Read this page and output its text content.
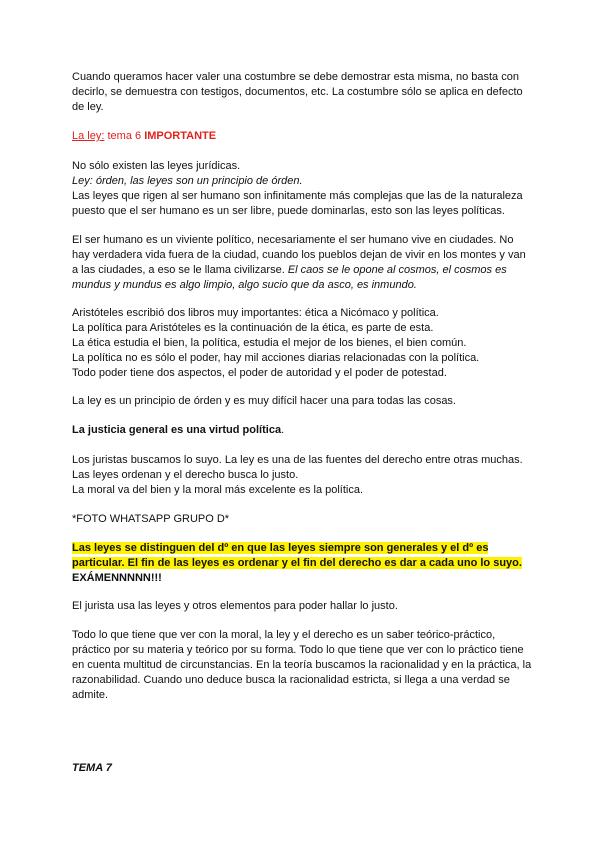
Cuando queramos hacer valer una costumbre se debe demostrar esta misma, no basta con decirlo, se demuestra con testigos, documentos, etc. La costumbre sólo se aplica en defecto de ley.

La ley: tema 6 IMPORTANTE

No sólo existen las leyes jurídicas.
Ley: órden, las leyes son un principio de órden.
Las leyes que rigen al ser humano son infinitamente más complejas que las de la naturaleza puesto que el ser humano es un ser libre, puede dominarlas, esto son las leyes políticas.

El ser humano es un viviente político, necesariamente el ser humano vive en ciudades. No hay verdadera vida fuera de la ciudad, cuando los pueblos dejan de vivir en los montes y van a las ciudades, a eso se le llama civilizarse. El caos se le opone al cosmos, el cosmos es mundus y mundus es algo limpio, algo sucio que da asco, es inmundo.

Aristóteles escribió dos libros muy importantes: ética a Nicómaco y política.
La política para Aristóteles es la continuación de la ética, es parte de esta.
La ética estudia el bien, la política, estudia el mejor de los bienes, el bien común.
La política no es sólo el poder, hay mil acciones diarias relacionadas con la política.
Todo poder tiene dos aspectos, el poder de autoridad y el poder de potestad.

La ley es un principio de órden y es muy difícil hacer una para todas las cosas.

La justicia general es una virtud política.

Los juristas buscamos lo suyo. La ley es una de las fuentes del derecho entre otras muchas.
Las leyes ordenan y el derecho busca lo justo.
La moral va del bien y la moral más excelente es la política.

*FOTO WHATSAPP GRUPO D*

Las leyes se distinguen del dº en que las leyes siempre son generales y el dº es particular. El fin de las leyes es ordenar y el fin del derecho es dar a cada uno lo suyo. EXÁMENNNNN!!!

El jurista usa las leyes y otros elementos para poder hallar lo justo.

Todo lo que tiene que ver con la moral, la ley y el derecho es un saber teórico-práctico, práctico por su materia y teórico por su forma. Todo lo que tiene que ver con lo práctico tiene en cuenta multitud de circunstancias. En la teoría buscamos la racionalidad y en la práctica, la razonabilidad. Cuando uno deduce busca la racionalidad estricta, si llega a una verdad se admite.

TEMA 7
